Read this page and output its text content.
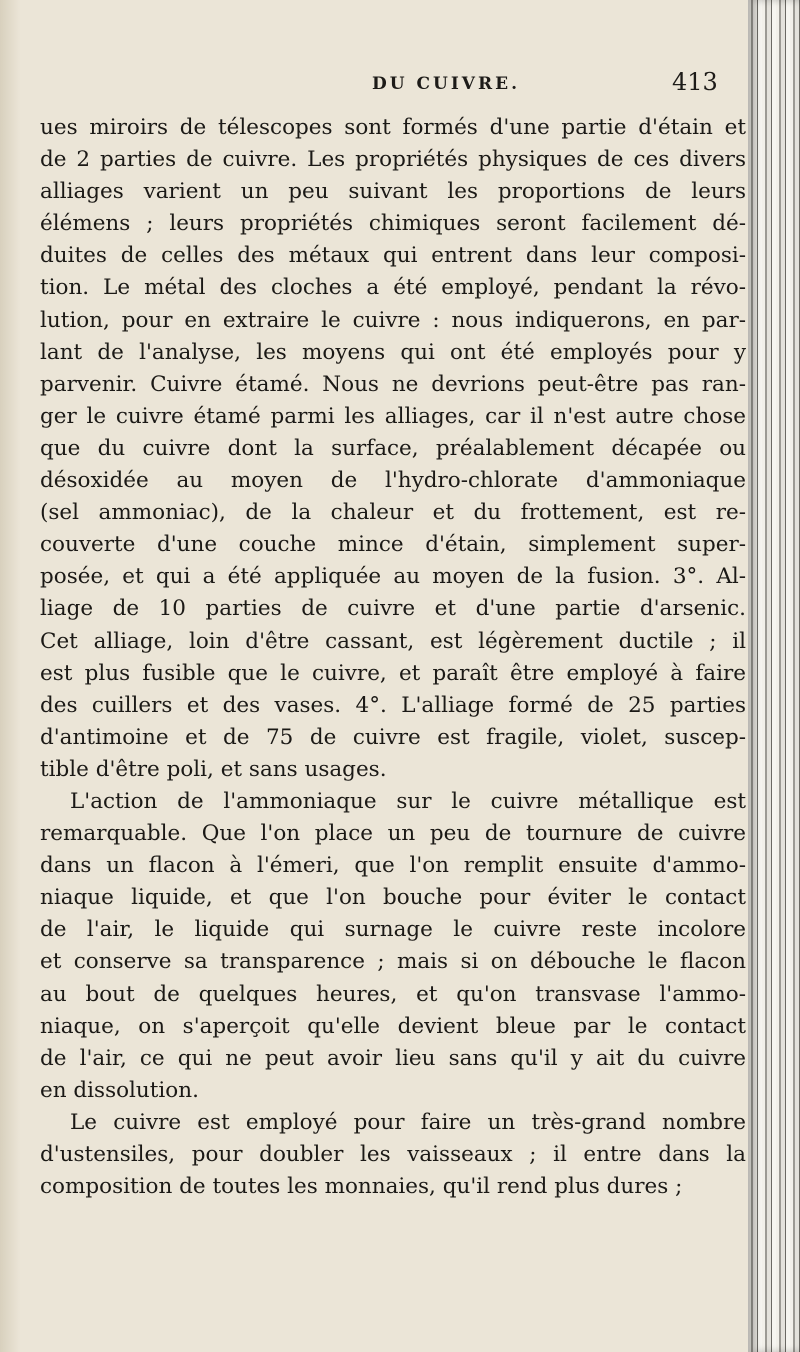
DU CUIVRE.	413
ues miroirs de télescopes sont formés d'une partie d'étain et
de 2 parties de cuivre. Les propriétés physiques de ces divers
alliages varient un peu suivant les proportions de leurs
élémens ; leurs propriétés chimiques seront facilement dé-
duites de celles des métaux qui entrent dans leur composi-
tion. Le métal des cloches a été employé, pendant la révo-
lution, pour en extraire le cuivre : nous indiquerons, en par-
lant de l'analyse, les moyens qui ont été employés pour y
parvenir. Cuivre étamé. Nous ne devrions peut-être pas ran-
ger le cuivre étamé parmi les alliages, car il n'est autre chose
que du cuivre dont la surface, préalablement décapée ou
désoxidée au moyen de l'hydro-chlorate d'ammoniaque
(sel ammoniac), de la chaleur et du frottement, est re-
couverte d'une couche mince d'étain, simplement super-
posée, et qui a été appliquée au moyen de la fusion. 3°. Al-
liage de 10 parties de cuivre et d'une partie d'arsenic.
Cet alliage, loin d'être cassant, est légèrement ductile ; il
est plus fusible que le cuivre, et paraît être employé à faire
des cuillers et des vases. 4°. L'alliage formé de 25 parties
d'antimoine et de 75 de cuivre est fragile, violet, suscep-
tible d'être poli, et sans usages.
L'action de l'ammoniaque sur le cuivre métallique est
remarquable. Que l'on place un peu de tournure de cuivre
dans un flacon à l'émeri, que l'on remplit ensuite d'ammo-
niaque liquide, et que l'on bouche pour éviter le contact
de l'air, le liquide qui surnage le cuivre reste incolore
et conserve sa transparence ; mais si on débouche le flacon
au bout de quelques heures, et qu'on transvase l'ammo-
niaque, on s'aperçoit qu'elle devient bleue par le contact
de l'air, ce qui ne peut avoir lieu sans qu'il y ait du cuivre
en dissolution.
Le cuivre est employé pour faire un très-grand nombre
d'ustensiles, pour doubler les vaisseaux ; il entre dans la
composition de toutes les monnaies, qu'il rend plus dures ;
